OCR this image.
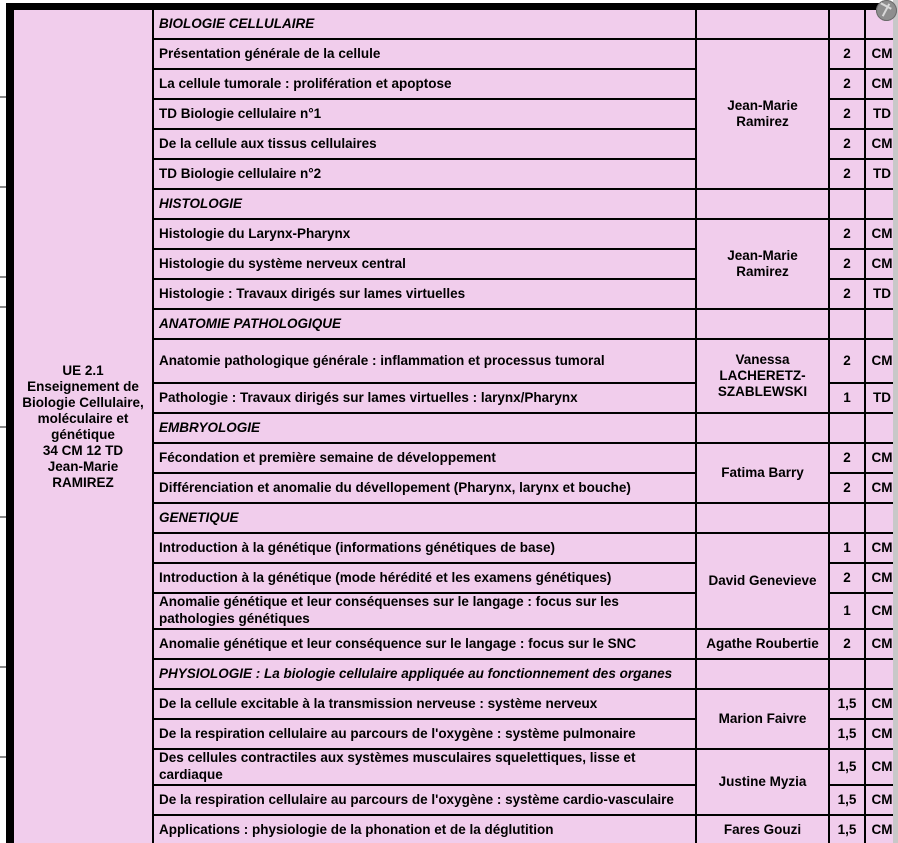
UE 2.1
Enseignement de
Biologie Cellulaire,
moléculaire et
génétique
34 CM 12 TD
Jean-Marie RAMIREZ
	BIOLOGIE CELLULAIRE			
	Présentation générale de la cellule	Jean-Marie Ramirez	2	CM
	La cellule tumorale : prolifération et apoptose		2	CM
	TD Biologie cellulaire n°1		2	TD
	De la cellule aux tissus cellulaires		2	CM
	TD Biologie cellulaire n°2		2	TD
	HISTOLOGIE			
	Histologie du Larynx-Pharynx	Jean-Marie Ramirez	2	CM
	Histologie du système nerveux central		2	CM
	Histologie : Travaux dirigés sur lames virtuelles		2	TD
	ANATOMIE PATHOLOGIQUE			
	Anatomie pathologique générale : inflammation et processus tumoral	Vanessa LACHERETZ-SZABLEWSKI	2	CM
	Pathologie : Travaux dirigés sur lames virtuelles : larynx/Pharynx		1	TD
	EMBRYOLOGIE			
	Fécondation et première semaine de développement	Fatima Barry	2	CM
	Différenciation et anomalie du dévellopement (Pharynx, larynx et bouche)		2	CM
	GENETIQUE			
	Introduction à la génétique (informations génétiques de base)	David Genevieve	1	CM
	Introduction à la génétique (mode hérédité et les examens génétiques)		2	CM
	Anomalie génétique et leur conséquenses sur le langage : focus sur les pathologies génétiques		1	CM
	Anomalie génétique et leur conséquence sur le langage : focus sur le SNC	Agathe Roubertie	2	CM
	PHYSIOLOGIE : La biologie cellulaire appliquée au fonctionnement des organes			
	De la cellule excitable à la transmission nerveuse : système nerveux	Marion Faivre	1,5	CM
	De la respiration cellulaire au parcours de l'oxygène : système pulmonaire		1,5	CM
	Des cellules contractiles aux systèmes musculaires squelettiques, lisse et cardiaque	Justine Myzia	1,5	CM
	De la respiration cellulaire au parcours de l'oxygène : système cardio-vasculaire		1,5	CM
	Applications : physiologie de la phonation et de la déglutition	Fares Gouzi	1,5	CM
